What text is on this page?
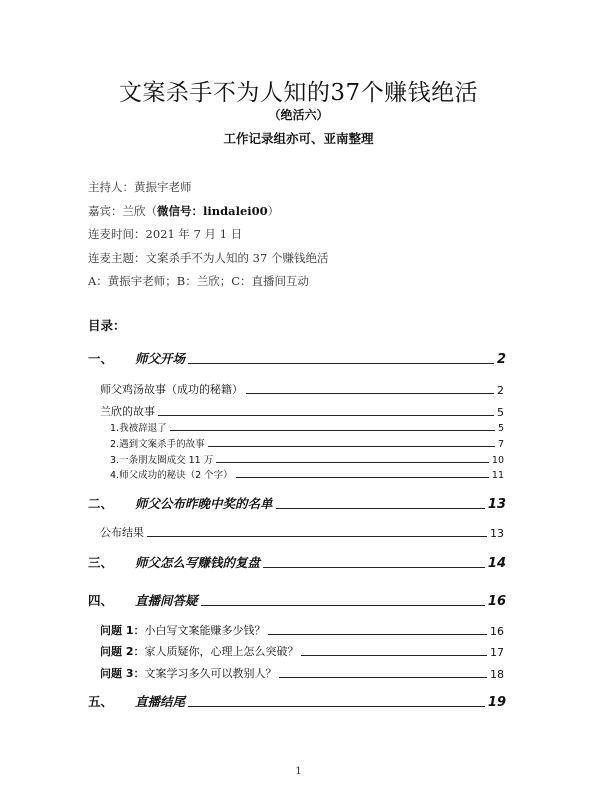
文案杀手不为人知的37个赚钱绝活
（绝活六）
工作记录组亦可、亚南整理
主持人：黄振宇老师
嘉宾：兰欣（微信号：lindalei00）
连麦时间：2021 年 7 月 1 日
连麦主题：文案杀手不为人知的 37 个赚钱绝活
A：黄振宇老师；B：兰欣；C：直播间互动
目录：
一、	师父开场	2
师父鸡汤故事（成功的秘籍）	2
兰欣的故事	5
1.我被辞退了	5
2.遇到文案杀手的故事	7
3.一条朋友圈成交 11 万	10
4.师父成功的秘诀（2 个字）	11
二、	师父公布昨晚中奖的名单	13
公布结果	13
三、	师父怎么写赚钱的复盘	14
四、	直播间答疑	16
问题 1： 小白写文案能赚多少钱？	16
问题 2： 家人质疑你，心理上怎么突破？	17
问题 3： 文案学习多久可以教别人？	18
五、	直播结尾	19
1
